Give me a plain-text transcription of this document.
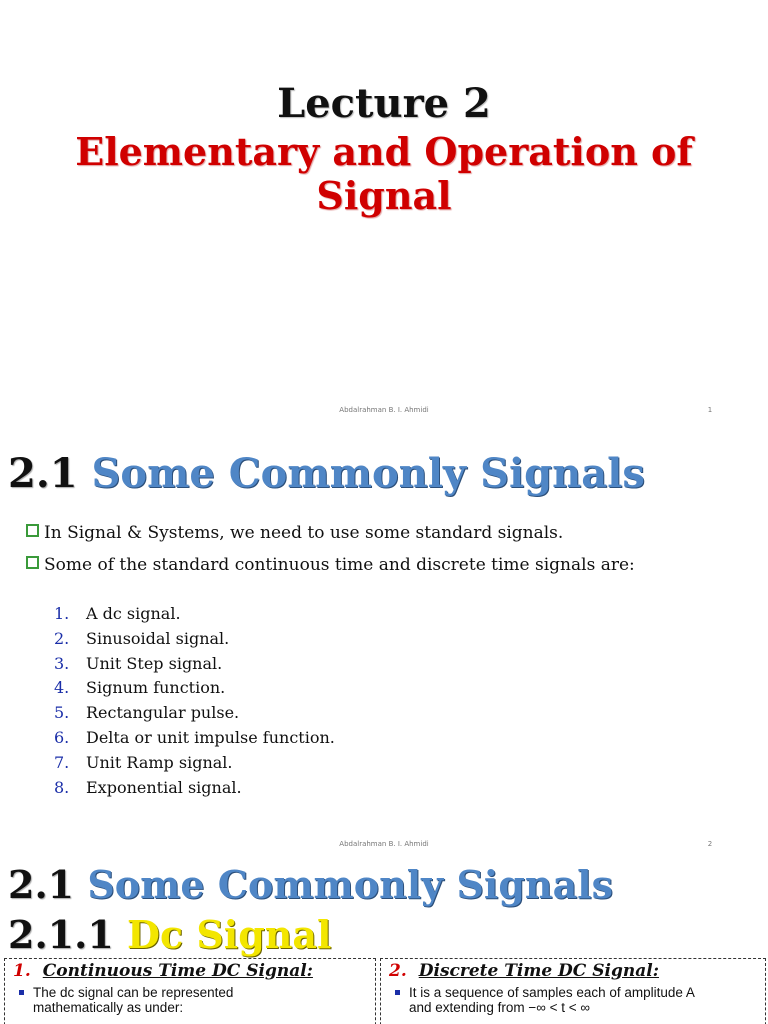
Lecture 2
Elementary and Operation of Signal
Abdalrahman B. I. Ahmidi	1
2.1 Some Commonly Signals
In Signal & Systems, we need to use some standard signals.
Some of the standard continuous time and discrete time signals are:
1. A dc signal.
2. Sinusoidal signal.
3. Unit Step signal.
4. Signum function.
5. Rectangular pulse.
6. Delta or unit impulse function.
7. Unit Ramp signal.
8. Exponential signal.
Abdalrahman B. I. Ahmidi	2
2.1 Some Commonly Signals
2.1.1 Dc Signal
1. Continuous Time DC Signal:
The dc signal can be represented
mathematically as under:
2. Discrete Time DC Signal:
It is a sequence of samples each of amplitude A
and extending from −∞ < t < ∞
